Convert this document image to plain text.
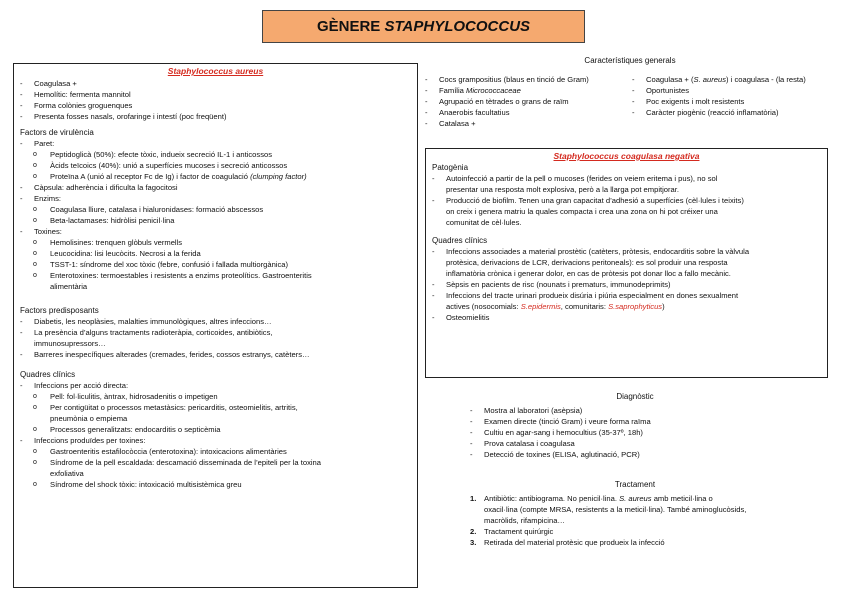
GÈNERE STAPHYLOCOCCUS
Staphylococcus aureus
- Coagulasa +
- Hemolític: fermenta mannitol
- Forma colònies groguenques
- Presenta fosses nasals, orofaringe i intestí (poc freqüent)
Factors de virulència
- Paret:
o Peptidoglicà (50%): efecte tòxic, indueix secreció IL-1 i anticossos
o Àcids teïcoics (40%): unió a superfícies mucoses i secreció anticossos
o Proteïna A (unió al receptor Fc de Ig) i factor de coagulació (clumping factor)
- Càpsula: adherència i dificulta la fagocitosi
- Enzims:
o Coagulasa lliure, catalasa i hialuronidases: formació abscessos
o Beta-lactamases: hidròlisi penicil·lina
- Toxines:
o Hemolisines: trenquen glòbuls vermells
o Leucocidina: lisi leucòcits. Necrosi a la ferida
o TSST-1: síndrome del xoc tòxic (febre, confusió i fallada multiorgànica)
o Enterotoxines: termoestables i resistents a enzims proteolítics. Gastroenteritis
alimentària
Factors predisposants
- Diabetis, les neoplàsies, malalties immunològiques, altres infeccions…
- La presència d’alguns tractaments radioteràpia, corticoides, antibiòtics,
immunosupressors…
- Barreres inespecífiques alterades (cremades, ferides, cossos estranys, catèters…
Quadres clínics
- Infeccions per acció directa:
o Pell: fol·liculitis, àntrax, hidrosadenitis o impetigen
o Per contigüitat o processos metastàsics: pericarditis, osteomielitis, artritis,
pneumònia o empiema
o Processos generalitzats: endocarditis o septicèmia
- Infeccions produïdes per toxines:
o Gastroenteritis estafilocòccia (enterotoxina): intoxicacions alimentàries
o Síndrome de la pell escaldada: descamació disseminada de l’epiteli per la toxina
exfoliativa
o Síndrome del shock tòxic: intoxicació multisistèmica greu
Característiques generals
- Cocs grampositius (blaus en tinció de Gram)
- Família Micrococcaceae
- Agrupació en tètrades o grans de raïm
- Anaerobis facultatius
- Catalasa +
- Coagulasa + (S. aureus) i coagulasa - (la resta)
- Oportunistes
- Poc exigents i molt resistents
- Caràcter piogènic (reacció inflamatòria)
Staphylococcus coagulasa negativa
Patogènia
- Autoinfecció a partir de la pell o mucoses (ferides on veiem eritema i pus), no sol
presentar una resposta molt explosiva, però a la llarga pot empitjorar.
- Producció de biofilm. Tenen una gran capacitat d’adhesió a superfícies (cèl·lules i teixits)
on creix i genera matriu la quales compacta i crea una zona on hi pot créixer una
comunitat de cèl·lules.
Quadres clínics
- Infeccions associades a material prostètic (catèters, pròtesis, endocarditis sobre la vàlvula
protèsica, derivacions de LCR, derivacions peritoneals): es sol produir una resposta
inflamatòria crònica i generar dolor, en cas de pròtesis pot donar lloc a fallo mecànic.
- Sèpsis en pacients de risc (nounats i prematurs, immunodeprimits)
- Infeccions del tracte urinari produeix disúria i piúria especialment en dones sexualment
actives (nosocomials: S.epidermis, comunitaris: S.saprophyticus)
- Osteomielitis
Diagnòstic
- Mostra al laboratori (asèpsia)
- Examen directe (tinció Gram) i veure forma raïma
- Cultiu en agar-sang i hemocultius (35-37º, 18h)
- Prova catalasa i coagulasa
- Detecció de toxines (ELISA, aglutinació, PCR)
Tractament
1. Antibiòtic: antibiograma. No penicil·lina. S. aureus amb meticil·lina o
oxacil·lina (compte MRSA, resistents a la meticil·lina). També aminoglucòsids,
macròlids, rifampicina…
2. Tractament quirúrgic
3. Retirada del material protèsic que produeix la infecció
